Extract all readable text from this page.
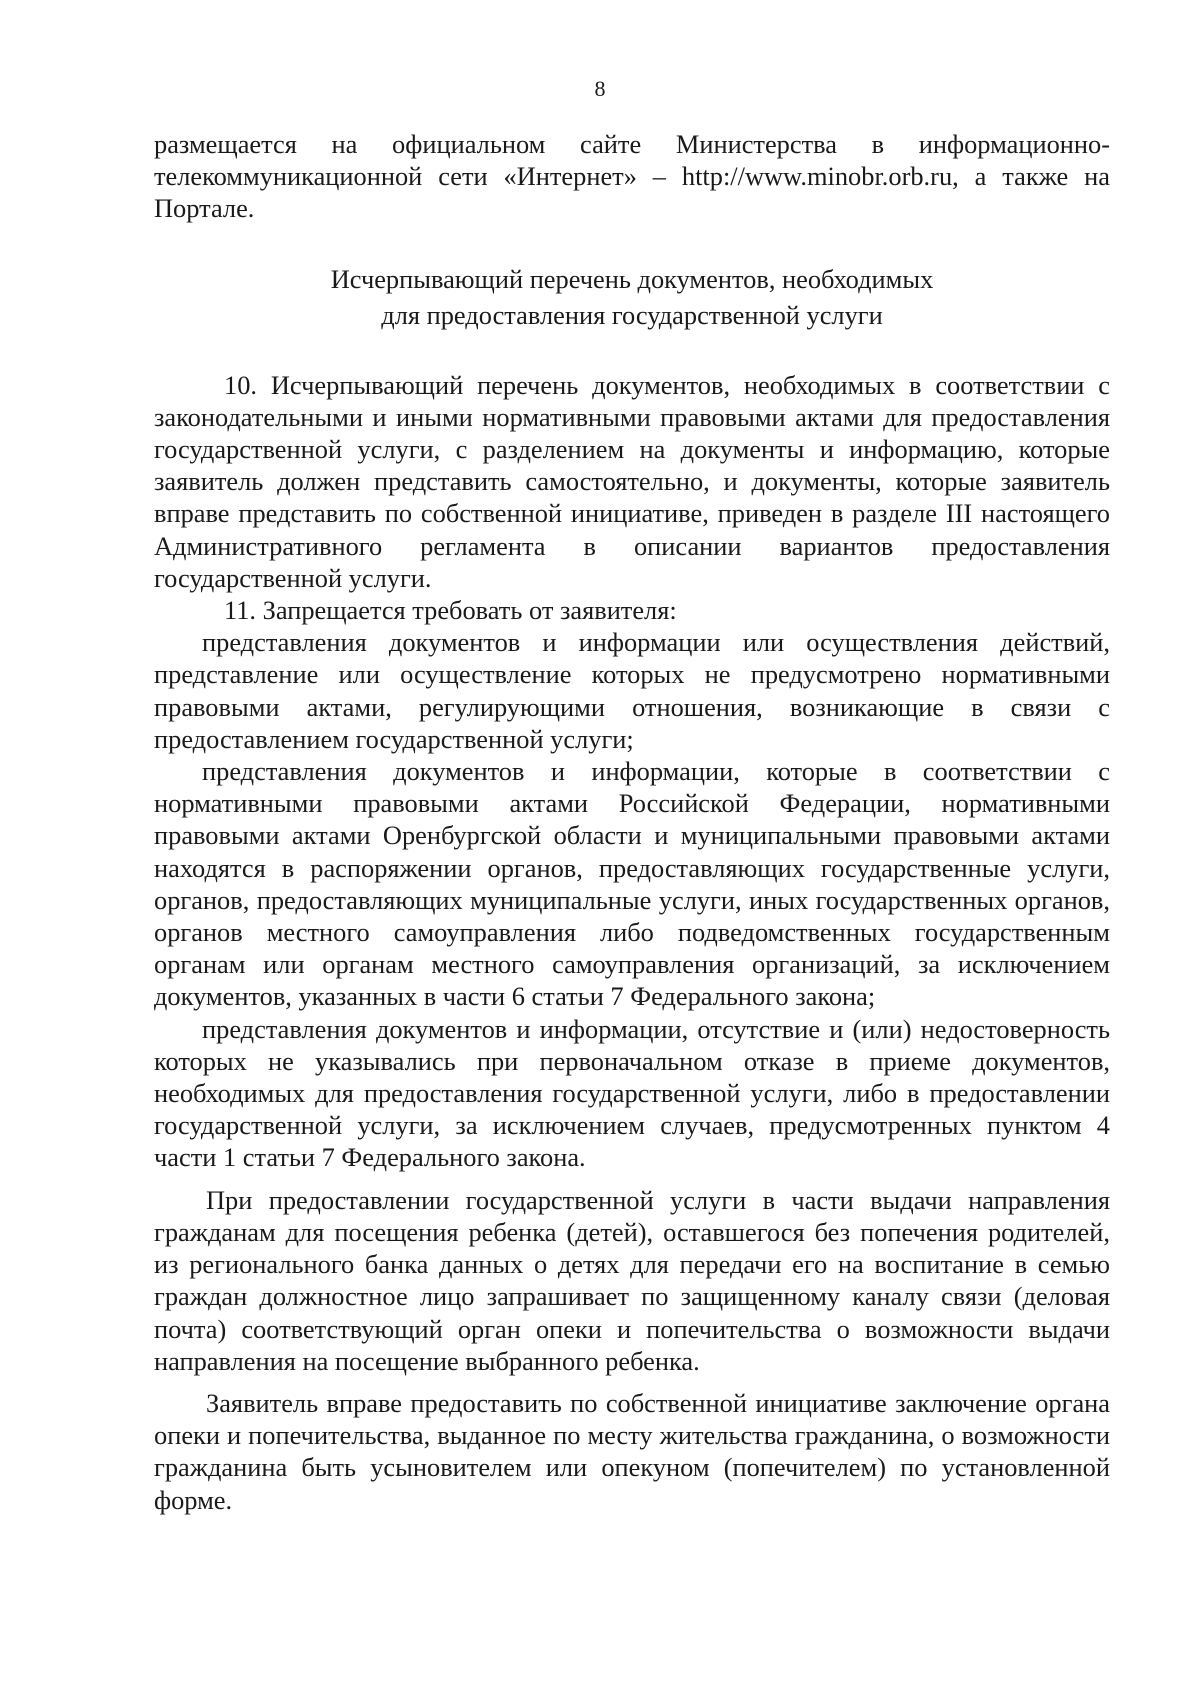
8

размещается на официальном сайте Министерства в информационно-телекоммуникационной сети «Интернет» – http://www.minobr.orb.ru, а также на Портале.

Исчерпывающий перечень документов, необходимых
для предоставления государственной услуги

10. Исчерпывающий перечень документов, необходимых в соответствии с законодательными и иными нормативными правовыми актами для предоставления государственной услуги, с разделением на документы и информацию, которые заявитель должен представить самостоятельно, и документы, которые заявитель вправе представить по собственной инициативе, приведен в разделе III настоящего Административного регламента в описании вариантов предоставления государственной услуги.

11. Запрещается требовать от заявителя:

представления документов и информации или осуществления действий, представление или осуществление которых не предусмотрено нормативными правовыми актами, регулирующими отношения, возникающие в связи с предоставлением государственной услуги;

представления документов и информации, которые в соответствии с нормативными правовыми актами Российской Федерации, нормативными правовыми актами Оренбургской области и муниципальными правовыми актами находятся в распоряжении органов, предоставляющих государственные услуги, органов, предоставляющих муниципальные услуги, иных государственных органов, органов местного самоуправления либо подведомственных государственным органам или органам местного самоуправления организаций, за исключением документов, указанных в части 6 статьи 7 Федерального закона;

представления документов и информации, отсутствие и (или) недостоверность которых не указывались при первоначальном отказе в приеме документов, необходимых для предоставления государственной услуги, либо в предоставлении государственной услуги, за исключением случаев, предусмотренных пунктом 4 части 1 статьи 7 Федерального закона.

При предоставлении государственной услуги в части выдачи направления гражданам для посещения ребенка (детей), оставшегося без попечения родителей, из регионального банка данных о детях для передачи его на воспитание в семью граждан должностное лицо запрашивает по защищенному каналу связи (деловая почта) соответствующий орган опеки и попечительства о возможности выдачи направления на посещение выбранного ребенка.

Заявитель вправе предоставить по собственной инициативе заключение органа опеки и попечительства, выданное по месту жительства гражданина, о возможности гражданина быть усыновителем или опекуном (попечителем) по установленной форме.
